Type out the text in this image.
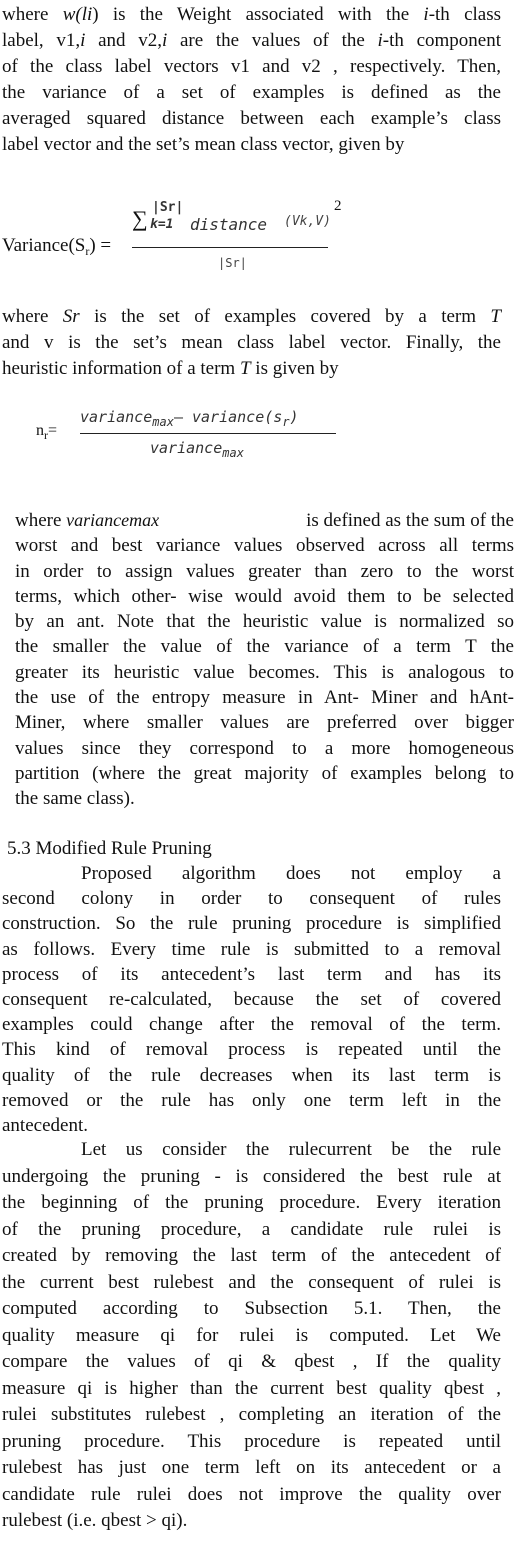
where w(li) is the Weight associated with the i-th class
label, v1,i and v2,i are the values of the i-th component
of the class label vectors v1 and v2 , respectively. Then,
the variance of a set of examples is defined as the
averaged squared distance between each example’s class
label vector and the set’s mean class vector, given by
$Variance(S_r)$ =
∑ |Sr|
k=1 distance (Vk,V)
2
|Sr|
where Sr is the set of examples covered by a term T
and v is the set’s mean class label vector. Finally, the
heuristic information of a term T is given by
$n_r=$
variance$_{max}$– $variance(s_r)$
variance$_{max}$
where variancemax	is defined as the sum of the
worst and best variance values observed across all terms
in order to assign values greater than zero to the worst
terms, which other- wise would avoid them to be selected
by an ant. Note that the heuristic value is normalized so
the smaller the value of the variance of a term T the
greater its heuristic value becomes. This is analogous to
the use of the entropy measure in Ant- Miner and hAnt-
Miner, where smaller values are preferred over bigger
values since they correspond to a more homogeneous
partition (where the great majority of examples belong to
the same class).
5.3 Modified Rule Pruning
Proposed algorithm does not employ a
second colony in order to consequent of rules
construction. So the rule pruning procedure is simplified
as follows. Every time rule is submitted to a removal
process of its antecedent’s last term and has its
consequent re-calculated, because the set of covered
examples could change after the removal of the term.
This kind of removal process is repeated until the
quality of the rule decreases when its last term is
removed or the rule has only one term left in the
antecedent.
Let us consider the rulecurrent be the rule
undergoing the pruning - is considered the best rule at
the beginning of the pruning procedure. Every iteration
of the pruning procedure, a candidate rule rulei is
created by removing the last term of the antecedent of
the current best rulebest and the consequent of rulei is
computed according to Subsection 5.1. Then, the
quality measure qi for rulei is computed. Let We
compare the values of qi & qbest , If the quality
measure qi is higher than the current best quality qbest ,
rulei substitutes rulebest , completing an iteration of the
pruning procedure. This procedure is repeated until
rulebest has just one term left on its antecedent or a
candidate rule rulei does not improve the quality over
rulebest (i.e. qbest > qi).
